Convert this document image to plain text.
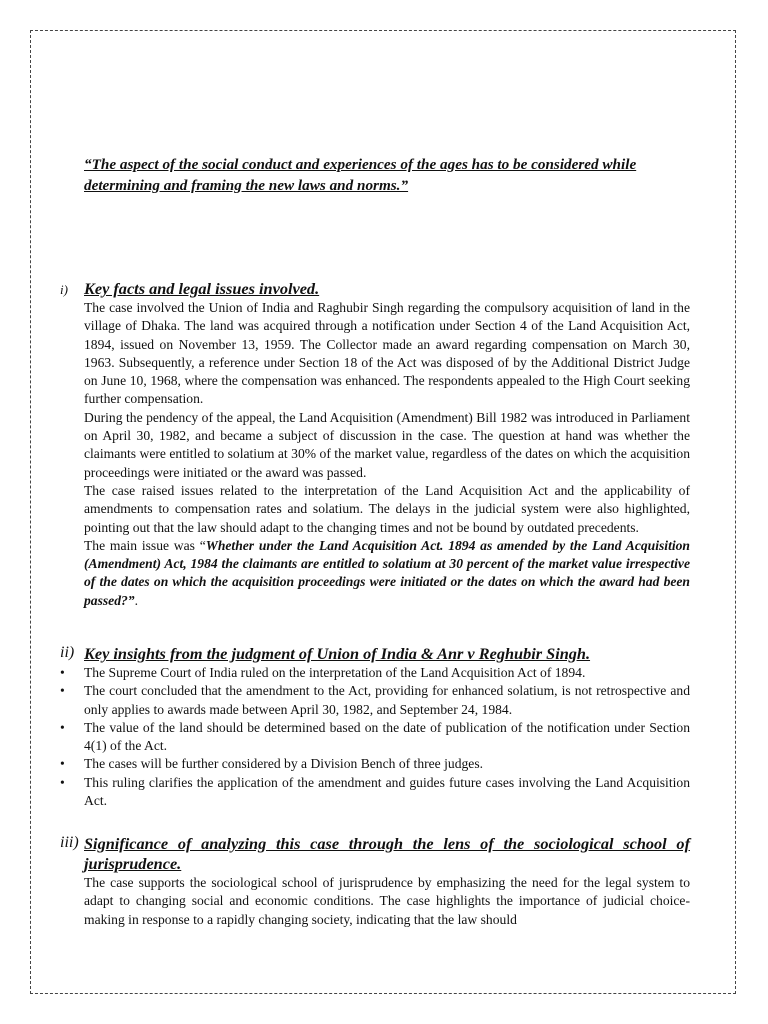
“The aspect of the social conduct and experiences of the ages has to be considered while determining and framing the new laws and norms.”

i) Key facts and legal issues involved.

The case involved the Union of India and Raghubir Singh regarding the compulsory acquisition of land in the village of Dhaka. The land was acquired through a notification under Section 4 of the Land Acquisition Act, 1894, issued on November 13, 1959. The Collector made an award regarding compensation on March 30, 1963. Subsequently, a reference under Section 18 of the Act was disposed of by the Additional District Judge on June 10, 1968, where the compensation was enhanced. The respondents appealed to the High Court seeking further compensation.

During the pendency of the appeal, the Land Acquisition (Amendment) Bill 1982 was introduced in Parliament on April 30, 1982, and became a subject of discussion in the case. The question at hand was whether the claimants were entitled to solatium at 30% of the market value, regardless of the dates on which the acquisition proceedings were initiated or the award was passed.

The case raised issues related to the interpretation of the Land Acquisition Act and the applicability of amendments to compensation rates and solatium. The delays in the judicial system were also highlighted, pointing out that the law should adapt to the changing times and not be bound by outdated precedents.

The main issue was “Whether under the Land Acquisition Act. 1894 as amended by the Land Acquisition (Amendment) Act, 1984 the claimants are entitled to solatium at 30 percent of the market value irrespective of the dates on which the acquisition proceedings were initiated or the dates on which the award had been passed?”.

ii) Key insights from the judgment of Union of India & Anr v Reghubir Singh.
• The Supreme Court of India ruled on the interpretation of the Land Acquisition Act of 1894.
• The court concluded that the amendment to the Act, providing for enhanced solatium, is not retrospective and only applies to awards made between April 30, 1982, and September 24, 1984.
• The value of the land should be determined based on the date of publication of the notification under Section 4(1) of the Act.
• The cases will be further considered by a Division Bench of three judges.
• This ruling clarifies the application of the amendment and guides future cases involving the Land Acquisition Act.
iii) Significance of analyzing this case through the lens of the sociological school of jurisprudence.

The case supports the sociological school of jurisprudence by emphasizing the need for the legal system to adapt to changing social and economic conditions. The case highlights the importance of judicial choice-making in response to a rapidly changing society, indicating that the law should
